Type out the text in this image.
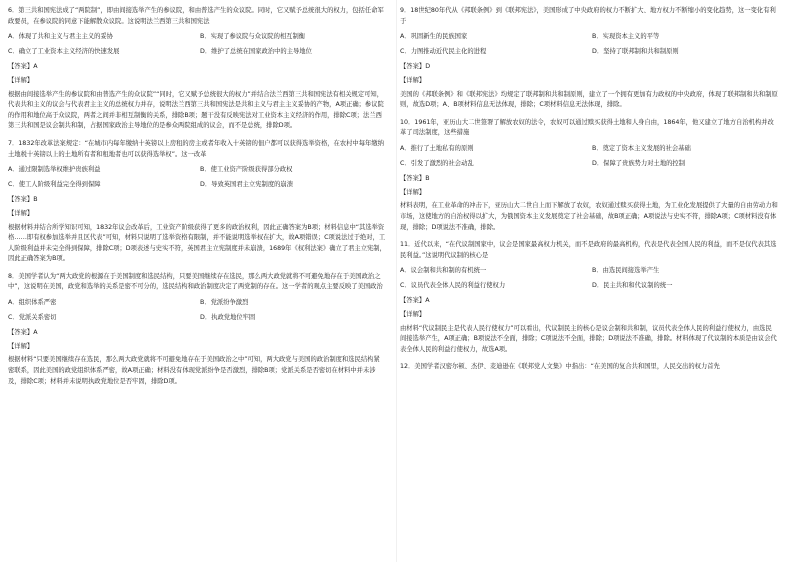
6．第三共和国宪法成了“两院制”，即由间接选举产生的参议院，和由普选产生的众议院。同时，它又赋予总统很大的权力，包括任命军政要员，在参议院的同意下能解散众议院。这说明法兰西第三共和国宪法

A．体现了共和主义与君主主义的妥协	B．实现了参议院与众议院的相互制衡
C．确立了工业资本主义经济的快速发展	D．维护了总统在国家政治中的主导地位
【答案】A
【详解】

根据由间接选举产生的参议院和由普选产生的众议院”“同时，它又赋予总统很大的权力”并结合法兰西第三共和国宪法有相关规定可知，代表共和主义的议会与代表君主主义的总统权力并存，说明法兰西第三共和国宪法是共和主义与君主主义妥协的产物，A项正确；参议院的作用和地位高于众议院，两者之间并非相互制衡的关系，排除B项；题干没有反映宪法对工业资本主义经济的作用，排除C项；法兰西第三共和国是议会制共和制，占据国家政治主导地位的是参众两院组成的议会，而不是总统，排除D项。

7．1832年改革法案规定：“在城市内每年缴纳十英镑以上房租的房主或者年收入十英镑的佃户都可以获得选举资格，在农村中每年缴纳土地税十英镑以上的土地所有者和租地者也可以获得选举权”。这一改革

A．通过限制选举权维护贵族利益	B．使工业资产阶级获得部分政权
C．使工人阶级利益完全得到保障	D．导致英国君主立宪制度的崩溃
【答案】B
【详解】

根据材料并结合所学知识可知，1832年议会改革后，工业资产阶级获得了更多的政治权利，因此正确答案为B项；材料信息中“其选举资格……即有权参加选举并且区代表”可知，材料只说明了选举资格有限制，并不能说明选举权在扩大，故A项错误；C项说法过于绝对，工人阶级利益并未完全得到保障，排除C项；D项表述与史实不符，英国君主立宪制度并未崩溃，1689年《权利法案》确立了君主立宪制，因此正确答案为B项。

8．美国学者认为“两大政党的根源在于美国制度和选民结构，只要美国继续存在选民，那么两大政党就将不可避免地存在于美国政治之中”，这说明在美国，政党和选举的关系是密不可分的，选民结构和政治制度决定了两党制的存在。这一学者的观点主要反映了美国政治

A．组织体系严密	B．党派纷争激烈
C．党派关系密切	D．执政党地位牢固
【答案】A
【详解】

根据材料“只要美国继续存在选民，那么两大政党就将不可避免地存在于美国政治之中”可知，两大政党与美国的政治制度和选民结构紧密联系，因此美国的政党组织体系严密，故A项正确；材料没有体现党派纷争是否激烈，排除B项；党派关系是否密切在材料中并未涉及，排除C项；材料并未说明执政党地位是否牢固，排除D项。

9．18世纪80年代从《邦联条例》到《联邦宪法》，美国形成了中央政府的权力不断扩大、地方权力不断缩小的变化趋势，这一变化有利于

A．巩固新生的民族国家	B．实现资本主义的平等
C．力图推动近代民主化的进程	D．坚持了联邦制和共和制原则
【答案】D
【详解】

美国的《邦联条例》和《联邦宪法》均规定了联邦制和共和制原则，建立了一个拥有更加有力政权的中央政府，体现了联邦制和共和制原则，故选D项；A、B项材料信息无法体现，排除；C项材料信息无法体现，排除。

10．1961年，亚历山大二世签署了解放农奴的法令，农奴可以通过赎买获得土地和人身自由，1864年，他又建立了地方自治机构并改革了司法制度，这些措施

A．推行了土地私有的原则	B．奠定了资本主义发展的社会基础
C．引发了激烈的社会动乱	D．保障了贵族势力对土地的控制
【答案】B
【详解】

材料表明，在工业革命的冲击下，亚历山大二世自上而下解放了农奴，农奴通过赎买获得土地，为工业化发展提供了大量的自由劳动力和市场，这使地方的自治权得以扩大，为俄国资本主义发展奠定了社会基础，故B项正确；A项说法与史实不符，排除A项；C项材料没有体现，排除；D项说法不准确，排除。

11．近代以来，“在代议制国家中，议会是国家最高权力机关，而不是政府的最高机构，代表是代表全国人民的利益，而不是仅代表其选民利益。”这说明代议制的核心是

A．议会制和共和制的有机统一	B．由选民间接选举产生
C．议员代表全体人民的利益行使权力	D．民主共和和代议制的统一
【答案】A
【详解】

由材料“代议制民主是代表人民行使权力”可以看出，代议制民主的核心是议会制和共和制，议员代表全体人民的利益行使权力，由选民间接选举产生，A项正确；B项说法不全面，排除；C项说法不全面，排除；D项说法不准确，排除。材料体现了代议制的本质是由议会代表全体人民的利益行使权力，故选A项。

12．美国学者汉密尔顿、杰伊、麦迪逊在《联邦党人文集》中指出：“在美国的复合共和国里，人民交出的权力首先
